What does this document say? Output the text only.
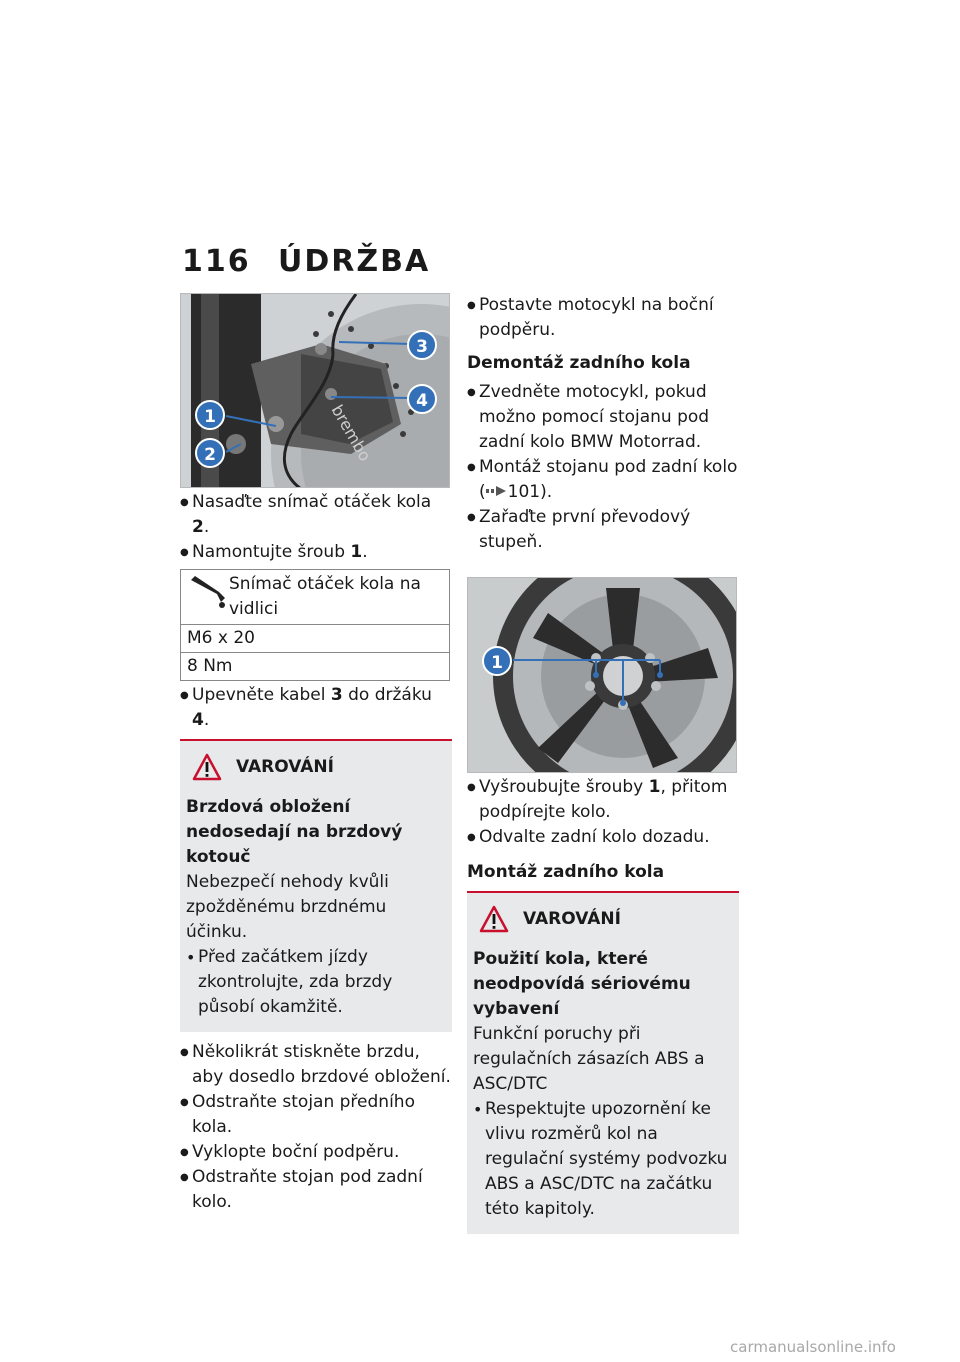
116 ÚDRŽBA
brembo
1
2
3
4
● Nasaďte snímač otáček kola 2.
● Namontujte šroub 1.
Snímač otáček kola na vidlici
M6 x 20
8 Nm
● Upevněte kabel 3 do držáku 4.
VAROVÁNÍ
Brzdová obložení nedosedají na brzdový kotouč
Nebezpečí nehody kvůli zpožděnému brzdnému účinku.
• Před začátkem jízdy zkontrolujte, zda brzdy působí okamžitě.
● Několikrát stiskněte brzdu, aby dosedlo brzdové obložení.
● Odstraňte stojan předního kola.
● Vyklopte boční podpěru.
● Odstraňte stojan pod zadní kolo.
● Postavte motocykl na boční podpěru.
Demontáž zadního kola
● Zvedněte motocykl, pokud možno pomocí stojanu pod zadní kolo BMW Motorrad.
● Montáž stojanu pod zadní kolo ( 101).
● Zařaďte první převodový stupeň.
1
● Vyšroubujte šrouby 1, přitom podpírejte kolo.
● Odvalte zadní kolo dozadu.
Montáž zadního kola
VAROVÁNÍ
Použití kola, které neodpovídá sériovému vybavení
Funkční poruchy při regulačních zásazích ABS a ASC/DTC
• Respektujte upozornění ke vlivu rozměrů kol na regulační systémy podvozku ABS a ASC/DTC na začátku této kapitoly.
carmanualsonline.info
